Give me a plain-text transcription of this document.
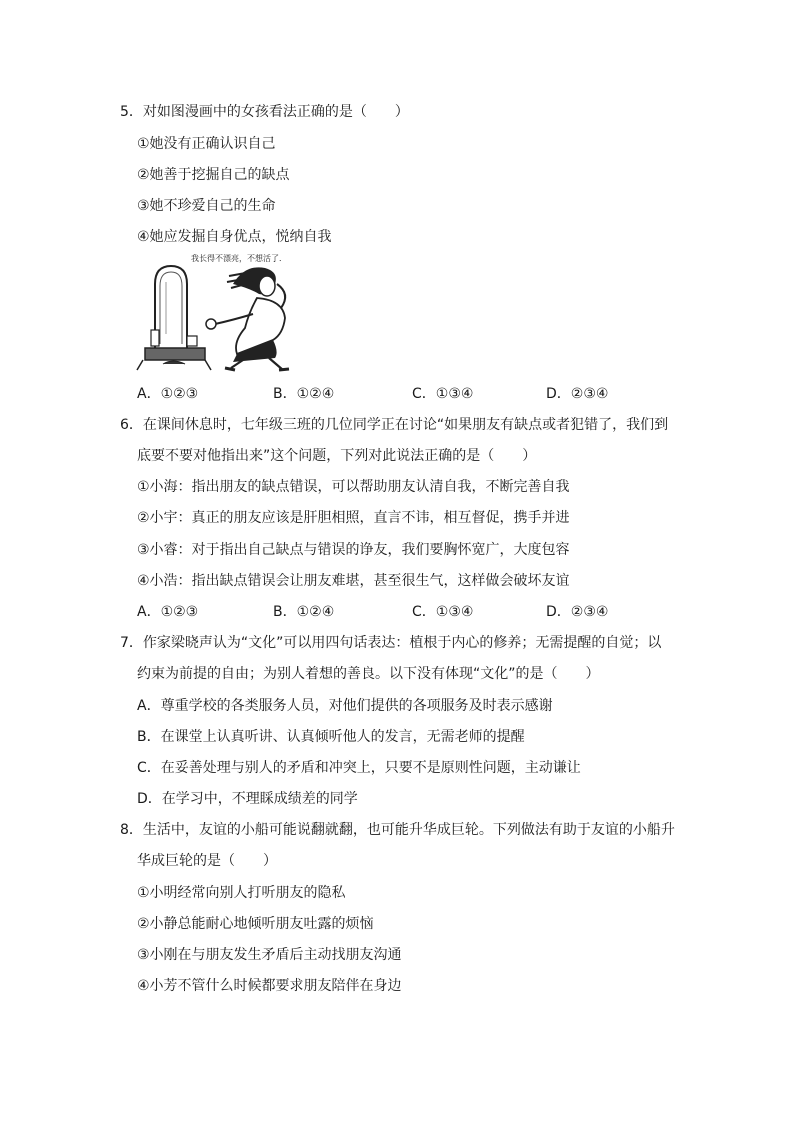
5．对如图漫画中的女孩看法正确的是（　　）
①她没有正确认识自己
②她善于挖掘自己的缺点
③她不珍爱自己的生命
④她应发掘自身优点，悦纳自我
我长得不漂亮，不想活了．
A．①②③	B．①②④	C．①③④	D．②③④
6．在课间休息时，七年级三班的几位同学正在讨论“如果朋友有缺点或者犯错了，我们到
底要不要对他指出来”这个问题，下列对此说法正确的是（　　）
①小海：指出朋友的缺点错误，可以帮助朋友认清自我，不断完善自我
②小宇：真正的朋友应该是肝胆相照，直言不讳，相互督促，携手并进
③小睿：对于指出自己缺点与错误的诤友，我们要胸怀宽广，大度包容
④小浩：指出缺点错误会让朋友难堪，甚至很生气，这样做会破坏友谊
A．①②③	B．①②④	C．①③④	D．②③④
7．作家梁晓声认为“文化”可以用四句话表达：植根于内心的修养；无需提醒的自觉；以
约束为前提的自由；为别人着想的善良。以下没有体现“文化”的是（　　）
A．尊重学校的各类服务人员，对他们提供的各项服务及时表示感谢
B．在课堂上认真听讲、认真倾听他人的发言，无需老师的提醒
C．在妥善处理与别人的矛盾和冲突上，只要不是原则性问题，主动谦让
D．在学习中，不理睬成绩差的同学
8．生活中，友谊的小船可能说翻就翻，也可能升华成巨轮。下列做法有助于友谊的小船升
华成巨轮的是（　　）
①小明经常向别人打听朋友的隐私
②小静总能耐心地倾听朋友吐露的烦恼
③小刚在与朋友发生矛盾后主动找朋友沟通
④小芳不管什么时候都要求朋友陪伴在身边
